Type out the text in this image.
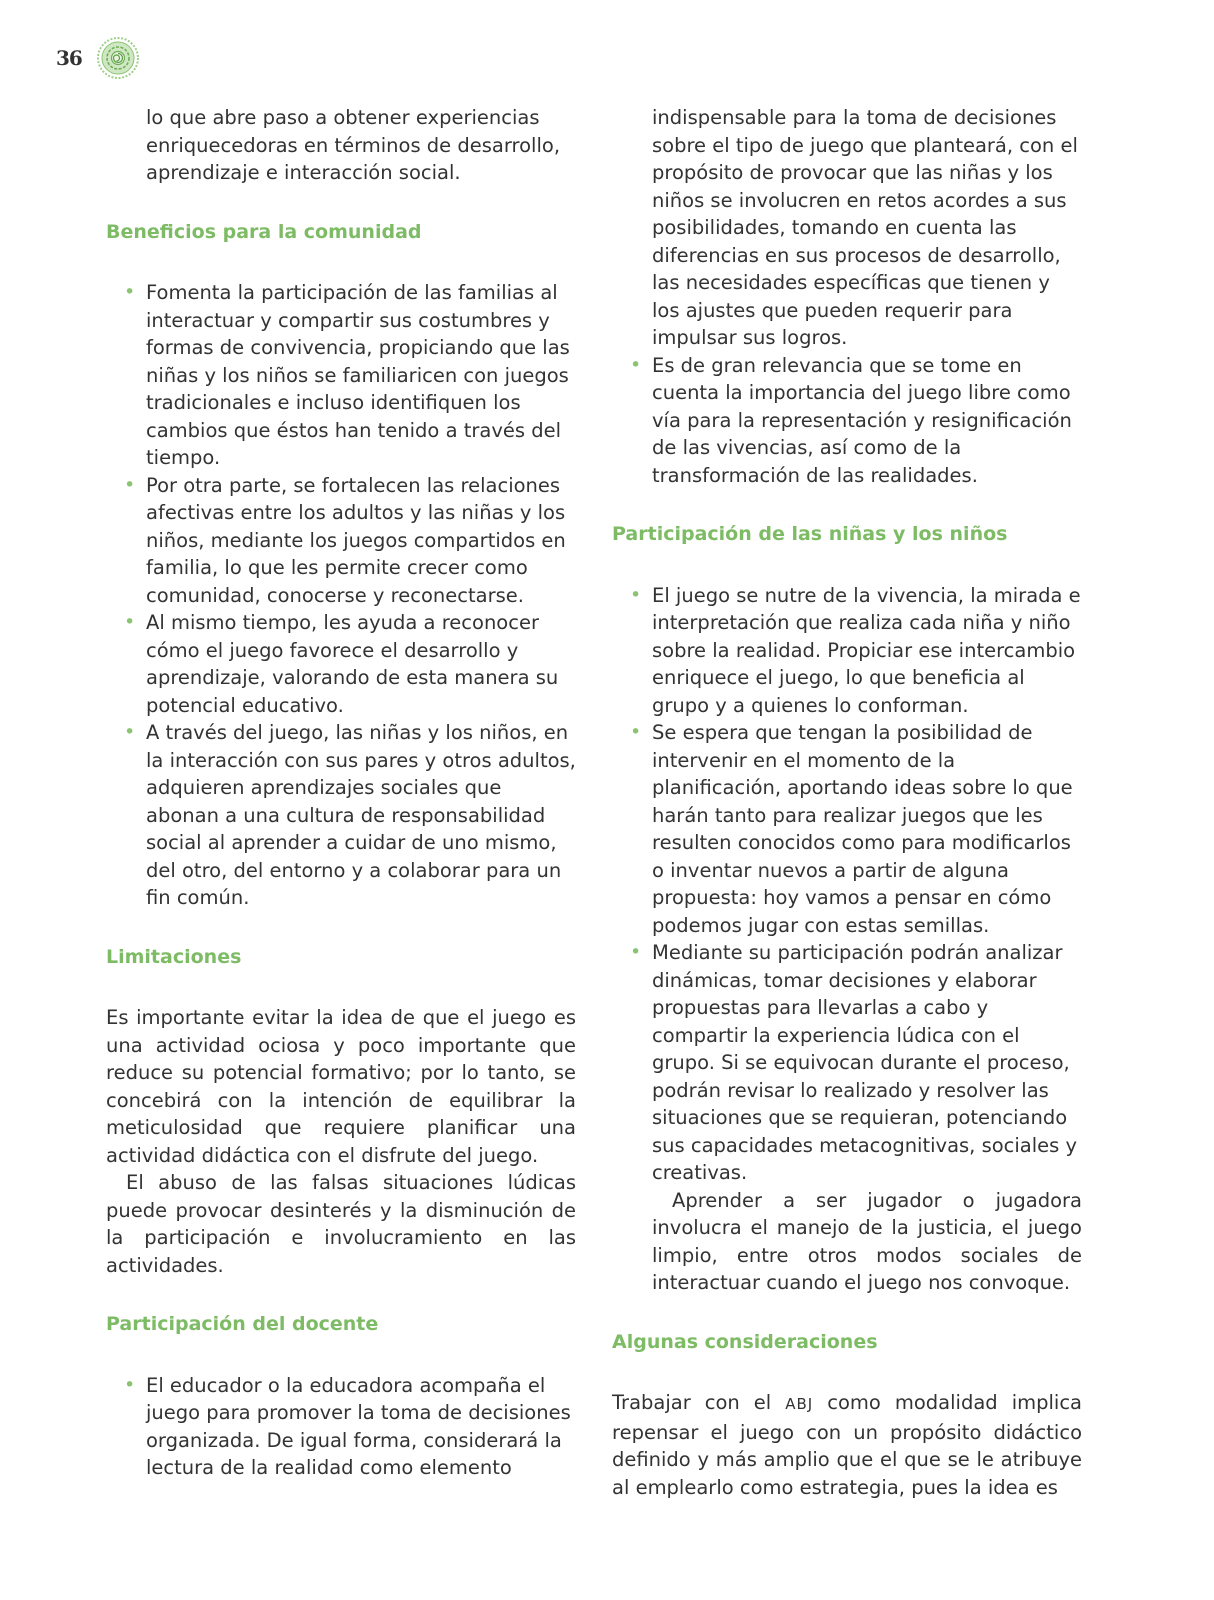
36

lo que abre paso a obtener experiencias enriquecedoras en términos de desarrollo, aprendizaje e interacción social.

Beneficios para la comunidad

• Fomenta la participación de las familias al interactuar y compartir sus costumbres y formas de convivencia, propiciando que las niñas y los niños se familiaricen con juegos tradicionales e incluso identifiquen los cambios que éstos han tenido a través del tiempo.
• Por otra parte, se fortalecen las relaciones afectivas entre los adultos y las niñas y los niños, mediante los juegos compartidos en familia, lo que les permite crecer como comunidad, conocerse y reconectarse.
• Al mismo tiempo, les ayuda a reconocer cómo el juego favorece el desarrollo y aprendizaje, valorando de esta manera su potencial educativo.
• A través del juego, las niñas y los niños, en la interacción con sus pares y otros adultos, adquieren aprendizajes sociales que abonan a una cultura de responsabilidad social al aprender a cuidar de uno mismo, del otro, del entorno y a colaborar para un fin común.

Limitaciones

Es importante evitar la idea de que el juego es una actividad ociosa y poco importante que reduce su potencial formativo; por lo tanto, se concebirá con la intención de equilibrar la meticulosidad que requiere planificar una actividad didáctica con el disfrute del juego.

El abuso de las falsas situaciones lúdicas puede provocar desinterés y la disminución de la participación e involucramiento en las actividades.

Participación del docente

• El educador o la educadora acompaña el juego para promover la toma de decisiones organizada. De igual forma, considerará la lectura de la realidad como elemento

indispensable para la toma de decisiones sobre el tipo de juego que planteará, con el propósito de provocar que las niñas y los niños se involucren en retos acordes a sus posibilidades, tomando en cuenta las diferencias en sus procesos de desarrollo, las necesidades específicas que tienen y los ajustes que pueden requerir para impulsar sus logros.

• Es de gran relevancia que se tome en cuenta la importancia del juego libre como vía para la representación y resignificación de las vivencias, así como de la transformación de las realidades.

Participación de las niñas y los niños

• El juego se nutre de la vivencia, la mirada e interpretación que realiza cada niña y niño sobre la realidad. Propiciar ese intercambio enriquece el juego, lo que beneficia al grupo y a quienes lo conforman.
• Se espera que tengan la posibilidad de intervenir en el momento de la planificación, aportando ideas sobre lo que harán tanto para realizar juegos que les resulten conocidos como para modificarlos o inventar nuevos a partir de alguna propuesta: hoy vamos a pensar en cómo podemos jugar con estas semillas.
• Mediante su participación podrán analizar dinámicas, tomar decisiones y elaborar propuestas para llevarlas a cabo y compartir la experiencia lúdica con el grupo. Si se equivocan durante el proceso, podrán revisar lo realizado y resolver las situaciones que se requieran, potenciando sus capacidades metacognitivas, sociales y creativas.

Aprender a ser jugador o jugadora involucra el manejo de la justicia, el juego limpio, entre otros modos sociales de interactuar cuando el juego nos convoque.

Algunas consideraciones

Trabajar con el ABJ como modalidad implica repensar el juego con un propósito didáctico definido y más amplio que el que se le atribuye al emplearlo como estrategia, pues la idea es
